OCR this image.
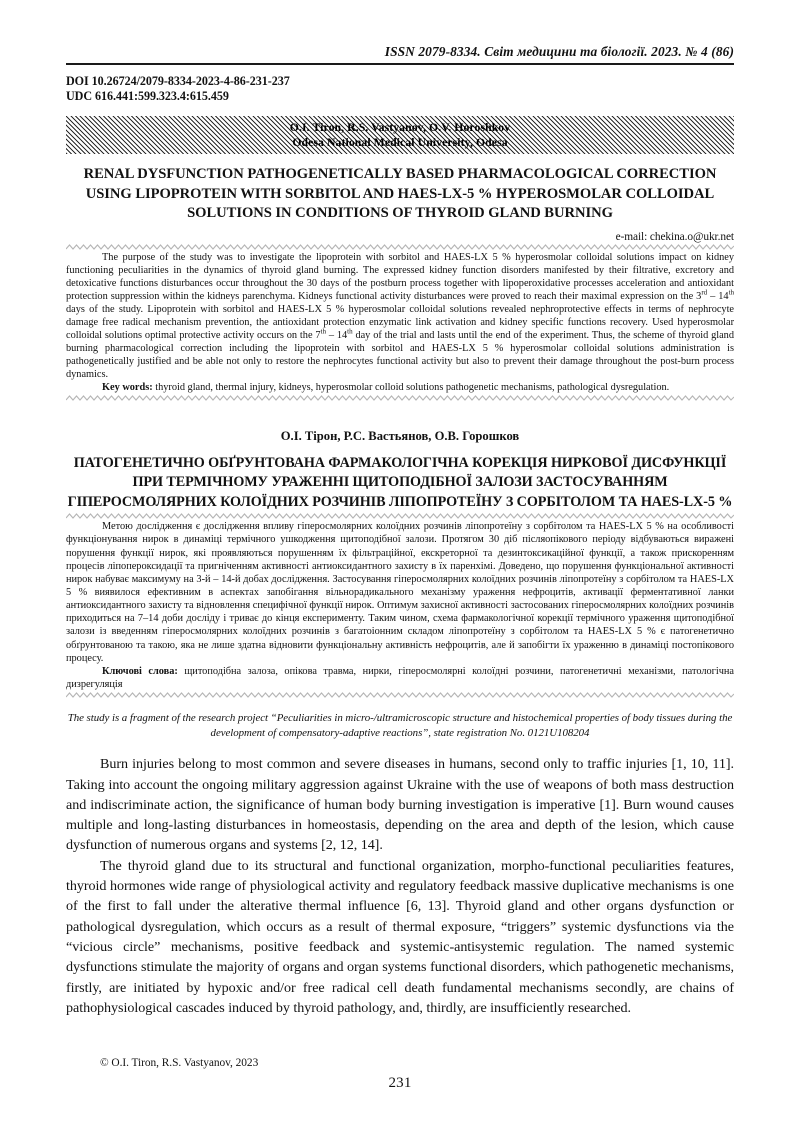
ISSN 2079-8334. Світ медицини та біології. 2023. № 4 (86)
DOI 10.26724/2079-8334-2023-4-86-231-237
UDC 616.441:599.323.4:615.459
O.I. Tiron, R.S. Vastyanov, O.V. Horoshkov
Odesa National Medical University, Odesa
RENAL DYSFUNCTION PATHOGENETICALLY BASED PHARMACOLOGICAL CORRECTION USING LIPOPROTEIN WITH SORBITOL AND HAES-LX-5 % HYPEROSMOLAR COLLOIDAL SOLUTIONS IN CONDITIONS OF THYROID GLAND BURNING
e-mail: chekina.o@ukr.net
The purpose of the study was to investigate the lipoprotein with sorbitol and HAES-LX 5 % hyperosmolar colloidal solutions impact on kidney functioning peculiarities in the dynamics of thyroid gland burning. The expressed kidney function disorders manifested by their filtrative, excretory and detoxicative functions disturbances occur throughout the 30 days of the postburn process together with lipoperoxidative processes acceleration and antioxidant protection suppression within the kidneys parenchyma. Kidneys functional activity disturbances were proved to reach their maximal expression on the 3rd – 14th days of the study. Lipoprotein with sorbitol and HAES-LX 5 % hyperosmolar colloidal solutions revealed nephroprotective effects in terms of nephrocyte damage free radical mechanism prevention, the antioxidant protection enzymatic link activation and kidney specific functions recovery. Used hyperosmolar colloidal solutions optimal protective activity occurs on the 7th – 14th day of the trial and lasts until the end of the experiment. Thus, the scheme of thyroid gland burning pharmacological correction including the lipoprotein with sorbitol and HAES-LX 5 % hyperosmolar colloidal solutions administration is pathogenetically justified and be able not only to restore the nephrocytes functional activity but also to prevent their damage throughout the post-burn process dynamics.
Key words: thyroid gland, thermal injury, kidneys, hyperosmolar colloid solutions pathogenetic mechanisms, pathological dysregulation.
О.І. Тірон, Р.С. Вастьянов, О.В. Горошков
ПАТОГЕНЕТИЧНО ОБҐРУНТОВАНА ФАРМАКОЛОГІЧНА КОРЕКЦІЯ НИРКОВОЇ ДИСФУНКЦІЇ ПРИ ТЕРМІЧНОМУ УРАЖЕННІ ЩИТОПОДІБНОЇ ЗАЛОЗИ ЗАСТОСУВАННЯМ ГІПЕРОСМОЛЯРНИХ КОЛОЇДНИХ РОЗЧИНІВ ЛІПОПРОТЕЇНУ З СОРБІТОЛОМ ТА HAES-LX-5 %
Метою дослідження є дослідження впливу гіперосмолярних колоїдних розчинів ліпопротеїну з сорбітолом та HAES-LX 5 % на особливості функціонування нирок в динаміці термічного ушкодження щитоподібної залози. Протягом 30 діб післяопікового періоду відбуваються виражені порушення функції нирок, які проявляються порушенням їх фільтраційної, екскреторної та дезинтоксикаційної функції, а також прискоренням процесів ліпопероксидації та пригніченням активності антиоксидантного захисту в їх паренхімі. Доведено, що порушення функціональної активності нирок набуває максимуму на 3-й – 14-й добах дослідження. Застосування гіперосмолярних колоїдних розчинів ліпопротеїну з сорбітолом та HAES-LX 5 % виявилося ефективним в аспектах запобігання вільнорадикального механізму ураження нефроцитів, активації ферментативної ланки антиоксидантного захисту та відновлення специфічної функції нирок. Оптимум захисної активності застосованих гіперосмолярних колоїдних розчинів приходиться на 7–14 доби досліду і триває до кінця експерименту. Таким чином, схема фармакологічної корекції термічного ураження щитоподібної залози із введенням гіперосмолярних колоїдних розчинів з багатоіонним складом ліпопротеїну з сорбітолом та HAES-LX 5 % є патогенетично обґрунтованою та такою, яка не лише здатна відновити функціональну активність нефроцитів, але й запобігти їх ураженню в динаміці постопікового процесу.
Ключові слова: щитоподібна залоза, опікова травма, нирки, гіперосмолярні колоїдні розчини, патогенетичні механізми, патологічна дизрегуляція
The study is a fragment of the research project “Peculiarities in micro-/ultramicroscopic structure and histochemical properties of body tissues during the development of compensatory-adaptive reactions”, state registration No. 0121U108204

Burn injuries belong to most common and severe diseases in humans, second only to traffic injuries [1, 10, 11]. Taking into account the ongoing military aggression against Ukraine with the use of weapons of both mass destruction and indiscriminate action, the significance of human body burning investigation is imperative [1]. Burn wound causes multiple and long-lasting disturbances in homeostasis, depending on the area and depth of the lesion, which cause dysfunction of numerous organs and systems [2, 12, 14].

The thyroid gland due to its structural and functional organization, morpho-functional peculiarities features, thyroid hormones wide range of physiological activity and regulatory feedback massive duplicative mechanisms is one of the first to fall under the alterative thermal influence [6, 13]. Thyroid gland and other organs dysfunction or pathological dysregulation, which occurs as a result of thermal exposure, “triggers” systemic dysfunctions via the “vicious circle” mechanisms, positive feedback and systemic-antisystemic regulation. The named systemic dysfunctions stimulate the majority of organs and organ systems functional disorders, which pathogenetic mechanisms, firstly, are initiated by hypoxic and/or free radical cell death fundamental mechanisms secondly, are chains of pathophysiological cascades induced by thyroid pathology, and, thirdly, are insufficiently researched.

© O.I. Tiron, R.S. Vastyanov, 2023
231
